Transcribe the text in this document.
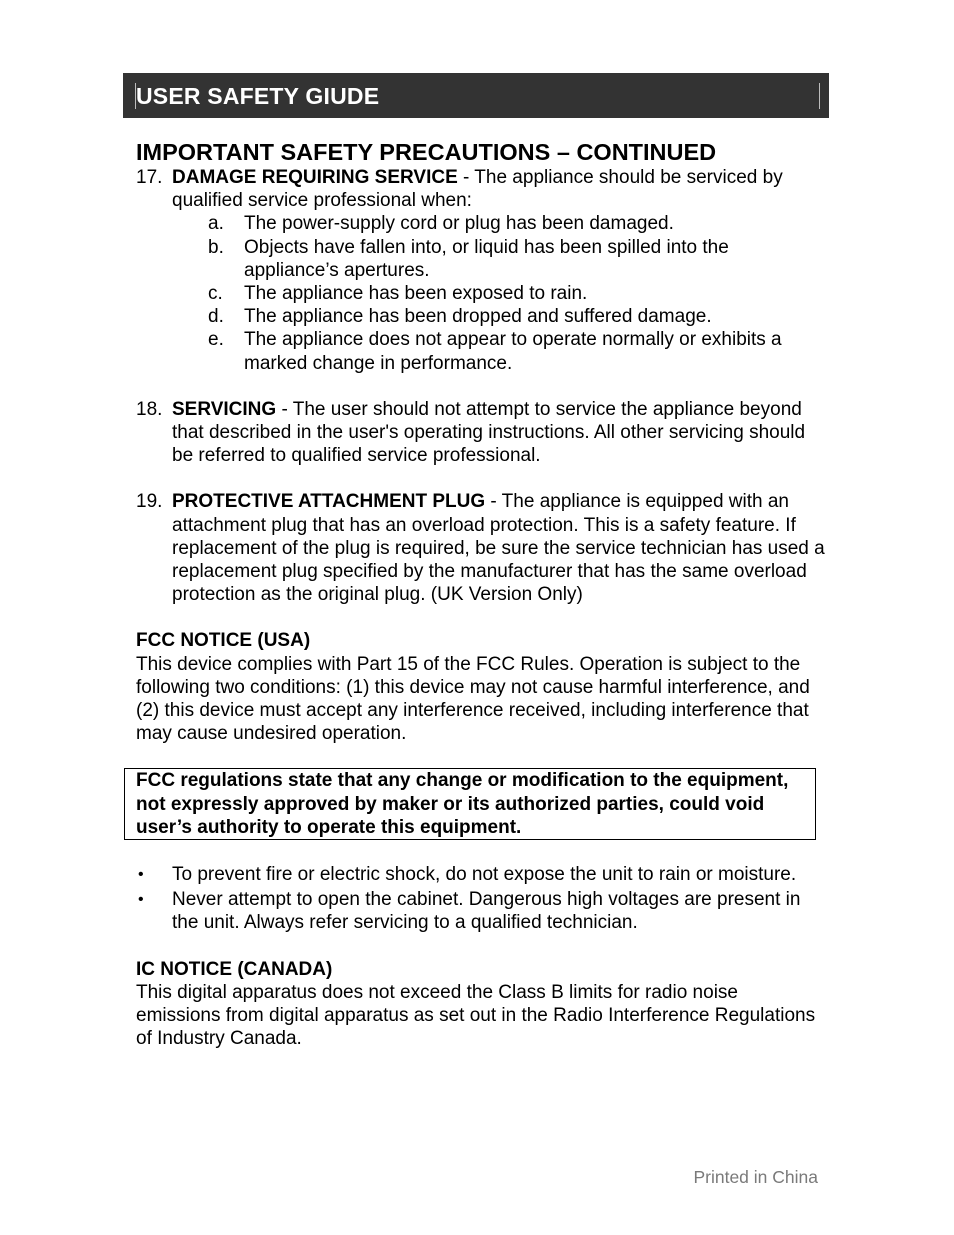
USER SAFETY GIUDE
IMPORTANT SAFETY PRECAUTIONS – CONTINUED
17. DAMAGE REQUIRING SERVICE - The appliance should be serviced by qualified service professional when:
a. The power-supply cord or plug has been damaged.
b. Objects have fallen into, or liquid has been spilled into the appliance’s apertures.
c. The appliance has been exposed to rain.
d. The appliance has been dropped and suffered damage.
e. The appliance does not appear to operate normally or exhibits a marked change in performance.
18. SERVICING - The user should not attempt to service the appliance beyond that described in the user's operating instructions. All other servicing should be referred to qualified service professional.
19. PROTECTIVE ATTACHMENT PLUG - The appliance is equipped with an attachment plug that has an overload protection. This is a safety feature. If replacement of the plug is required, be sure the service technician has used a replacement plug specified by the manufacturer that has the same overload protection as the original plug. (UK Version Only)
FCC NOTICE (USA)
This device complies with Part 15 of the FCC Rules. Operation is subject to the following two conditions: (1) this device may not cause harmful interference, and (2) this device must accept any interference received, including interference that may cause undesired operation.
FCC regulations state that any change or modification to the equipment, not expressly approved by maker or its authorized parties, could void user’s authority to operate this equipment.
• To prevent fire or electric shock, do not expose the unit to rain or moisture.
• Never attempt to open the cabinet. Dangerous high voltages are present in the unit. Always refer servicing to a qualified technician.
IC NOTICE (CANADA)
This digital apparatus does not exceed the Class B limits for radio noise emissions from digital apparatus as set out in the Radio Interference Regulations of Industry Canada.
Printed in China
